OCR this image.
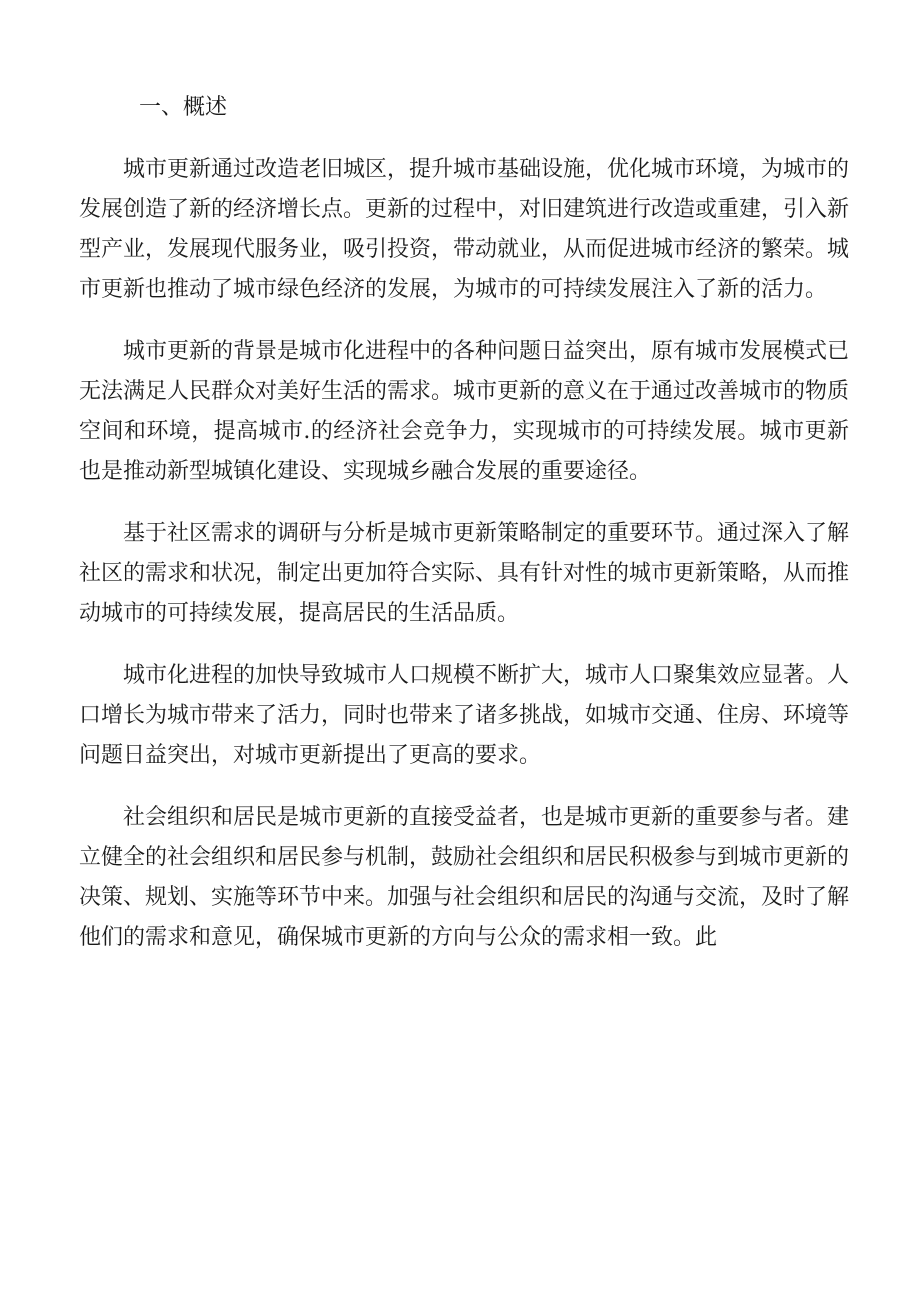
一、概述

城市更新通过改造老旧城区，提升城市基础设施，优化城市环境，为城市的发展创造了新的经济增长点。更新的过程中，对旧建筑进行改造或重建，引入新型产业，发展现代服务业，吸引投资，带动就业，从而促进城市经济的繁荣。城市更新也推动了城市绿色经济的发展，为城市的可持续发展注入了新的活力。

城市更新的背景是城市化进程中的各种问题日益突出，原有城市发展模式已无法满足人民群众对美好生活的需求。城市更新的意义在于通过改善城市的物质空间和环境，提高城市.的经济社会竞争力，实现城市的可持续发展。城市更新也是推动新型城镇化建设、实现城乡融合发展的重要途径。

基于社区需求的调研与分析是城市更新策略制定的重要环节。通过深入了解社区的需求和状况，制定出更加符合实际、具有针对性的城市更新策略，从而推动城市的可持续发展，提高居民的生活品质。

城市化进程的加快导致城市人口规模不断扩大，城市人口聚集效应显著。人口增长为城市带来了活力，同时也带来了诸多挑战，如城市交通、住房、环境等问题日益突出，对城市更新提出了更高的要求。

社会组织和居民是城市更新的直接受益者，也是城市更新的重要参与者。建立健全的社会组织和居民参与机制，鼓励社会组织和居民积极参与到城市更新的决策、规划、实施等环节中来。加强与社会组织和居民的沟通与交流，及时了解他们的需求和意见，确保城市更新的方向与公众的需求相一致。此
